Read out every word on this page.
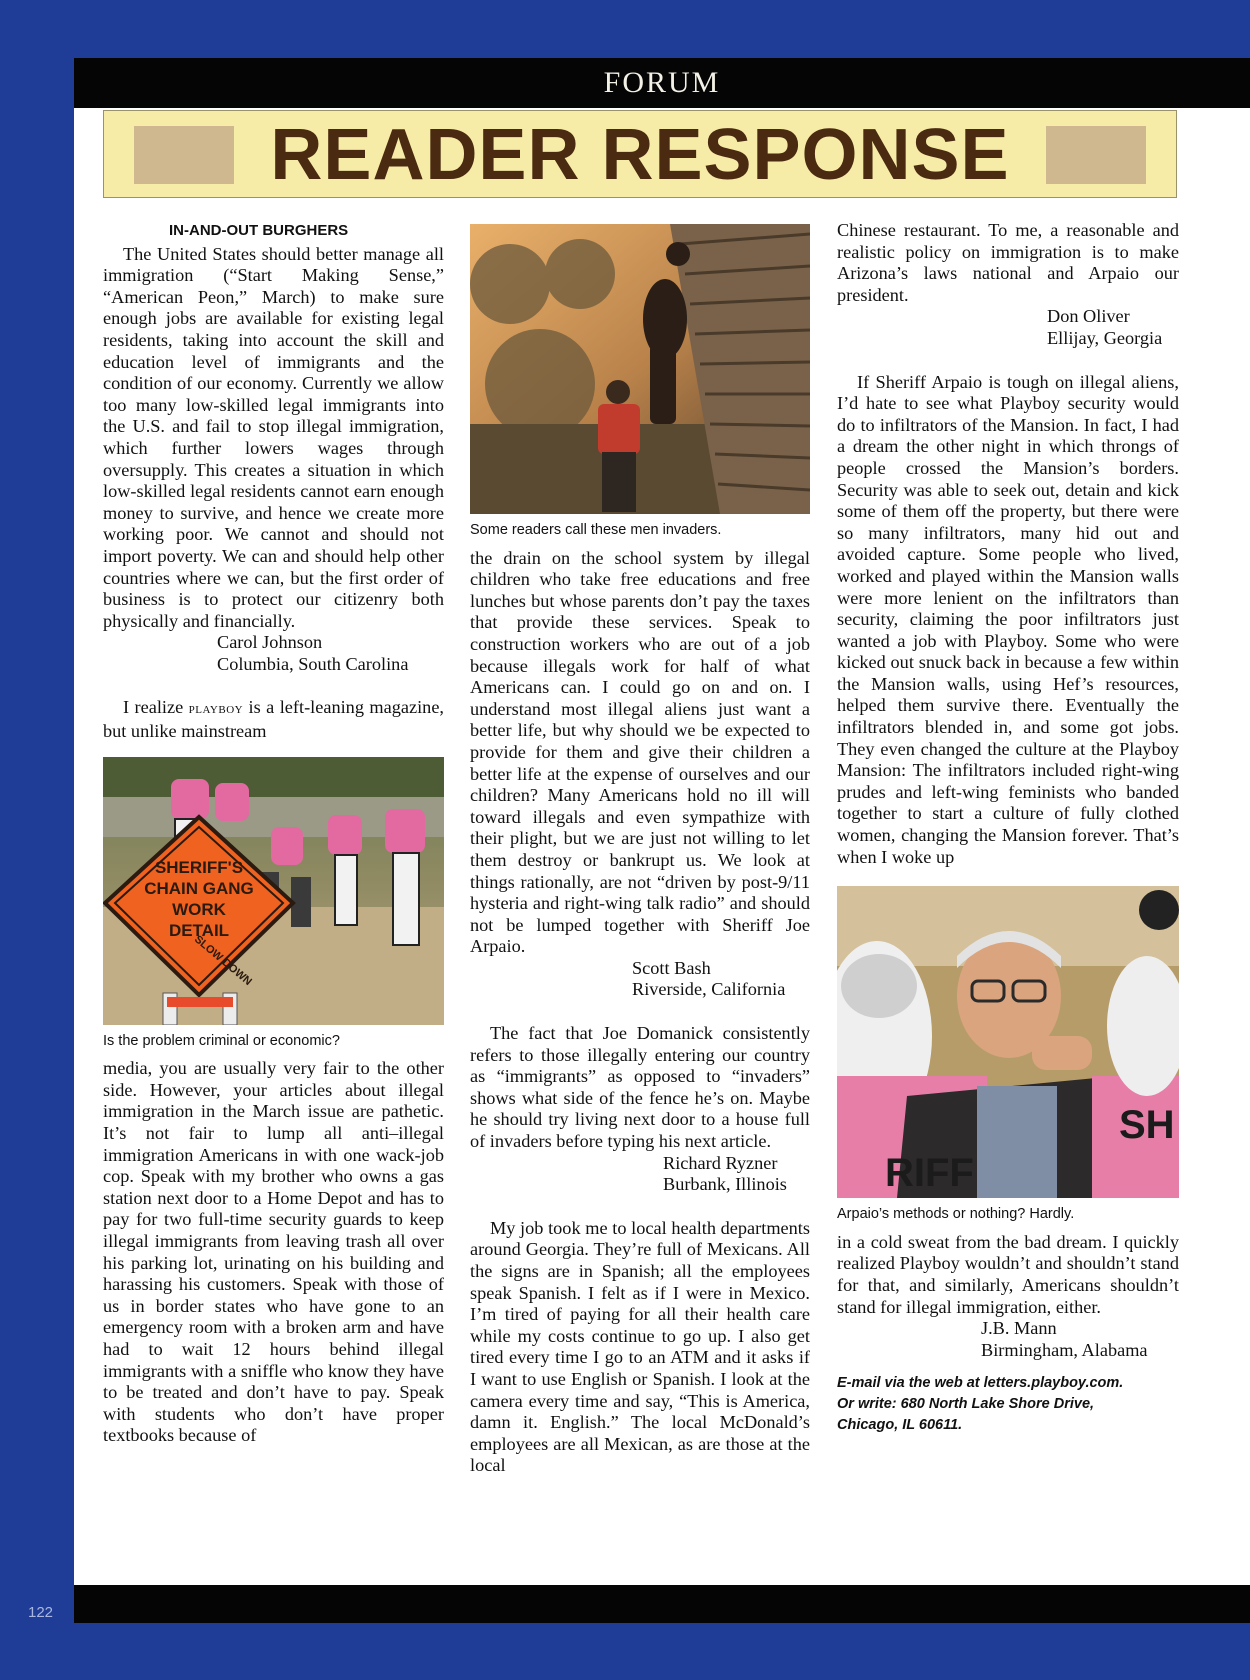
FORUM
READER RESPONSE
IN-AND-OUT BURGHERS

The United States should better manage all immigration (“Start Making Sense,” “American Peon,” March) to make sure enough jobs are available for existing legal residents, taking into account the skill and education level of immigrants and the condition of our economy. Currently we allow too many low-skilled legal immigrants into the U.S. and fail to stop illegal immigration, which further lowers wages through oversupply. This creates a situation in which low-skilled legal residents cannot earn enough money to survive, and hence we create more working poor. We cannot and should not import poverty. We can and should help other countries where we can, but the first order of business is to protect our citizenry both physically and financially.

Carol Johnson
Columbia, South Carolina

I realize playboy is a left-leaning magazine, but unlike mainstream

SHERIFF'S
CHAIN GANG
WORK
DETAIL
SLOW DOWN
Is the problem criminal or economic?

media, you are usually very fair to the other side. However, your articles about illegal immigration in the March issue are pathetic. It’s not fair to lump all anti–illegal immigration Americans in with one wack-job cop. Speak with my brother who owns a gas station next door to a Home Depot and has to pay for two full-time security guards to keep illegal immigrants from leaving trash all over his parking lot, urinating on his building and harassing his customers. Speak with those of us in border states who have gone to an emergency room with a broken arm and have had to wait 12 hours behind illegal immigrants with a sniffle who know they have to be treated and don’t have to pay. Speak with students who don’t have proper textbooks because of

Some readers call these men invaders.

the drain on the school system by illegal children who take free educations and free lunches but whose parents don’t pay the taxes that provide these services. Speak to construction workers who are out of a job because illegals work for half of what Americans can. I could go on and on. I understand most illegal aliens just want a better life, but why should we be expected to provide for them and give their children a better life at the expense of ourselves and our children? Many Americans hold no ill will toward illegals and even sympathize with their plight, but we are just not willing to let them destroy or bankrupt us. We look at things rationally, are not “driven by post-9/11 hysteria and right-wing talk radio” and should not be lumped together with Sheriff Joe Arpaio.

Scott Bash
Riverside, California

The fact that Joe Domanick consistently refers to those illegally entering our country as “immigrants” as opposed to “invaders” shows what side of the fence he’s on. Maybe he should try living next door to a house full of invaders before typing his next article.

Richard Ryzner
Burbank, Illinois

My job took me to local health departments around Georgia. They’re full of Mexicans. All the signs are in Spanish; all the employees speak Spanish. I felt as if I were in Mexico. I’m tired of paying for all their health care while my costs continue to go up. I also get tired every time I go to an ATM and it asks if I want to use English or Spanish. I look at the camera every time and say, “This is America, damn it. English.” The local McDonald’s employees are all Mexican, as are those at the local

Chinese restaurant. To me, a reasonable and realistic policy on immigration is to make Arizona’s laws national and Arpaio our president.

Don Oliver
Ellijay, Georgia

If Sheriff Arpaio is tough on illegal aliens, I’d hate to see what Playboy security would do to infiltrators of the Mansion. In fact, I had a dream the other night in which throngs of people crossed the Mansion’s borders. Security was able to seek out, detain and kick some of them off the property, but there were so many infiltrators, many hid out and avoided capture. Some people who lived, worked and played within the Mansion walls were more lenient on the infiltrators than security, claiming the poor infiltrators just wanted a job with Playboy. Some who were kicked out snuck back in because a few within the Mansion walls, using Hef’s resources, helped them survive there. Eventually the infiltrators blended in, and some got jobs. They even changed the culture at the Playboy Mansion: The infiltrators included right-wing prudes and left-wing feminists who banded together to start a culture of fully clothed women, changing the Mansion forever. That’s when I woke up

RIFF
SH
Arpaio’s methods or nothing? Hardly.

in a cold sweat from the bad dream. I quickly realized Playboy wouldn’t and shouldn’t stand for that, and similarly, Americans shouldn’t stand for illegal immigration, either.

J.B. Mann
Birmingham, Alabama
E-mail via the web at letters.playboy.com.
Or write: 680 North Lake Shore Drive,
Chicago, IL 60611.
122
